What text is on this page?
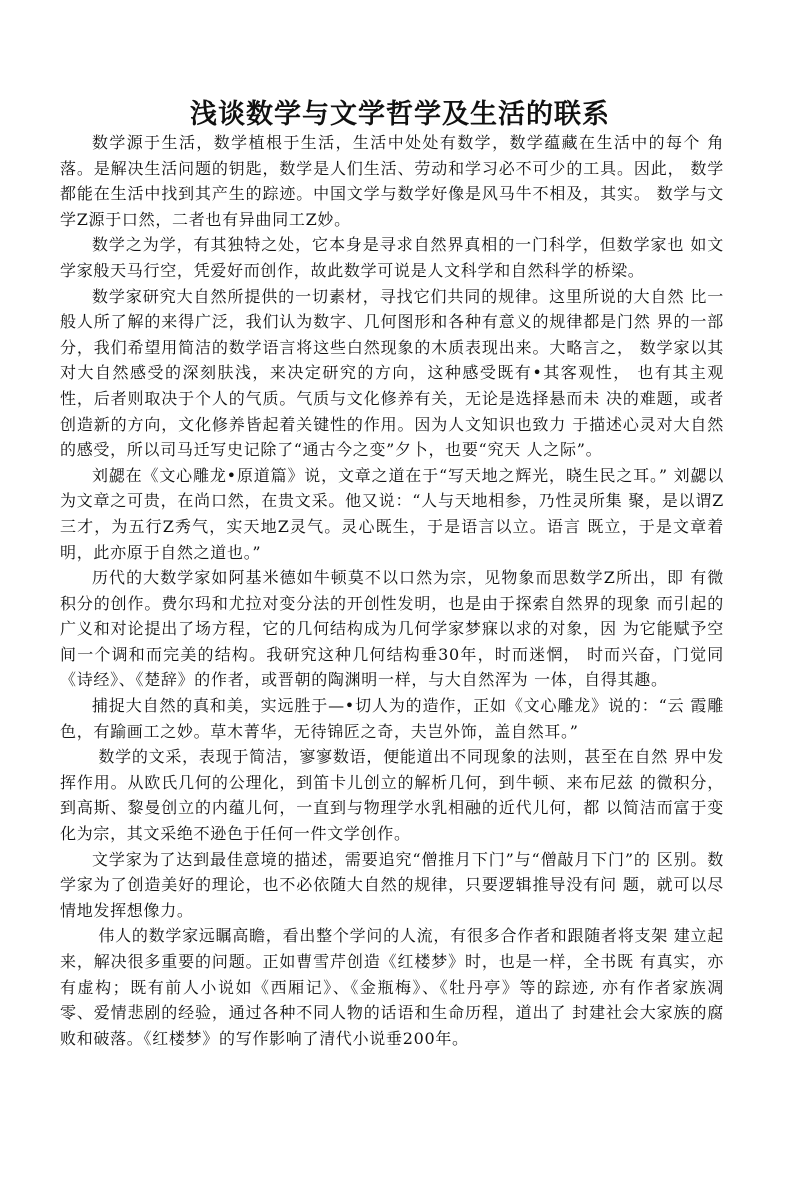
浅谈数学与文学哲学及生活的联系

数学源于生活，数学植根于生活，生活中处处有数学，数学蕴藏在生活中的每个 角落。是解决生活问题的钥匙，数学是人们生活、劳动和学习必不可少的工具。因此， 数学都能在生活中找到其产生的踪迹。中国文学与数学好像是风马牛不相及，其实。 数学与文学Z源于口然，二者也有异曲同工Z妙。

数学之为学，有其独特之处，它本身是寻求自然界真相的一门科学，但数学家也 如文学家般天马行空，凭爱好而创作，故此数学可说是人文科学和自然科学的桥梁。

数学家研究大自然所提供的一切素材，寻找它们共同的规律。这里所说的大自然 比一般人所了解的来得广泛，我们认为数字、几何图形和各种有意义的规律都是门然 界的一部分，我们希望用简洁的数学语言将这些白然现象的木质表现出来。大略言之， 数学家以其对大自然感受的深刻肤浅，来决定研究的方向，这种感受既有•其客观性， 也有其主观性，后者则取决于个人的气质。气质与文化修养有关，无论是选择悬而未 决的难题，或者创造新的方向，文化修养皆起着关键性的作用。因为人文知识也致力 于描述心灵对大自然的感受，所以司马迁写史记除了“通古今之变”夕卜，也要“究天 人之际”。

刘勰在《文心雕龙•原道篇》说，文章之道在于“写天地之辉光，晓生民之耳。” 刘勰以为文章之可贵，在尚口然，在贵文采。他又说：“人与天地相参，乃性灵所集 聚，是以谓Z三才，为五行Z秀气，实天地Z灵气。灵心既生，于是语言以立。语言 既立，于是文章着明，此亦原于自然之道也。”

历代的大数学家如阿基米德如牛顿莫不以口然为宗，见物象而思数学Z所出，即 有微积分的创作。费尔玛和尤拉对变分法的开创性发明，也是由于探索自然界的现象 而引起的广义和对论提出了场方程，它的几何结构成为几何学家梦寐以求的对象，因 为它能赋予空间一个调和而完美的结构。我研究这种几何结构垂30年，时而迷惘， 时而兴奋，门觉同《诗经》、《楚辞》的作者，或晋朝的陶渊明一样，与大自然浑为 一体，自得其趣。

捕捉大自然的真和美，实远胜于—•切人为的造作，正如《文心雕龙》说的：“云 霞雕色，有踰画工之妙。草木菁华，无待锦匠之奇，夫岂外饰，盖自然耳。”

数学的文采，表现于简洁，寥寥数语，便能道出不同现象的法则，甚至在自然 界中发挥作用。从欧氏几何的公理化，到笛卡儿创立的解析几何，到牛顿、来布尼兹 的微积分，到高斯、黎曼创立的内蕴儿何，一直到与物理学水乳相融的近代儿何，都 以简洁而富于变化为宗，其文采绝不逊色于任何一件文学创作。

文学家为了达到最佳意境的描述，需要追究“僧推月下门”与“僧敲月下门”的 区别。数学家为了创造美好的理论，也不必依随大自然的规律，只要逻辑推导没有问 题，就可以尽情地发挥想像力。

伟人的数学家远瞩高瞻，看出整个学问的人流，有很多合作者和跟随者将支架 建立起来，解决很多重要的问题。正如曹雪芹创造《红楼梦》时，也是一样，全书既 有真实，亦有虚构；既有前人小说如《西厢记》、《金瓶梅》、《牡丹亭》等的踪迹, 亦有作者家族凋零、爱情悲剧的经验，通过各种不同人物的话语和生命历程，道出了 封建社会大家族的腐败和破落。《红楼梦》的写作影响了清代小说垂200年。
